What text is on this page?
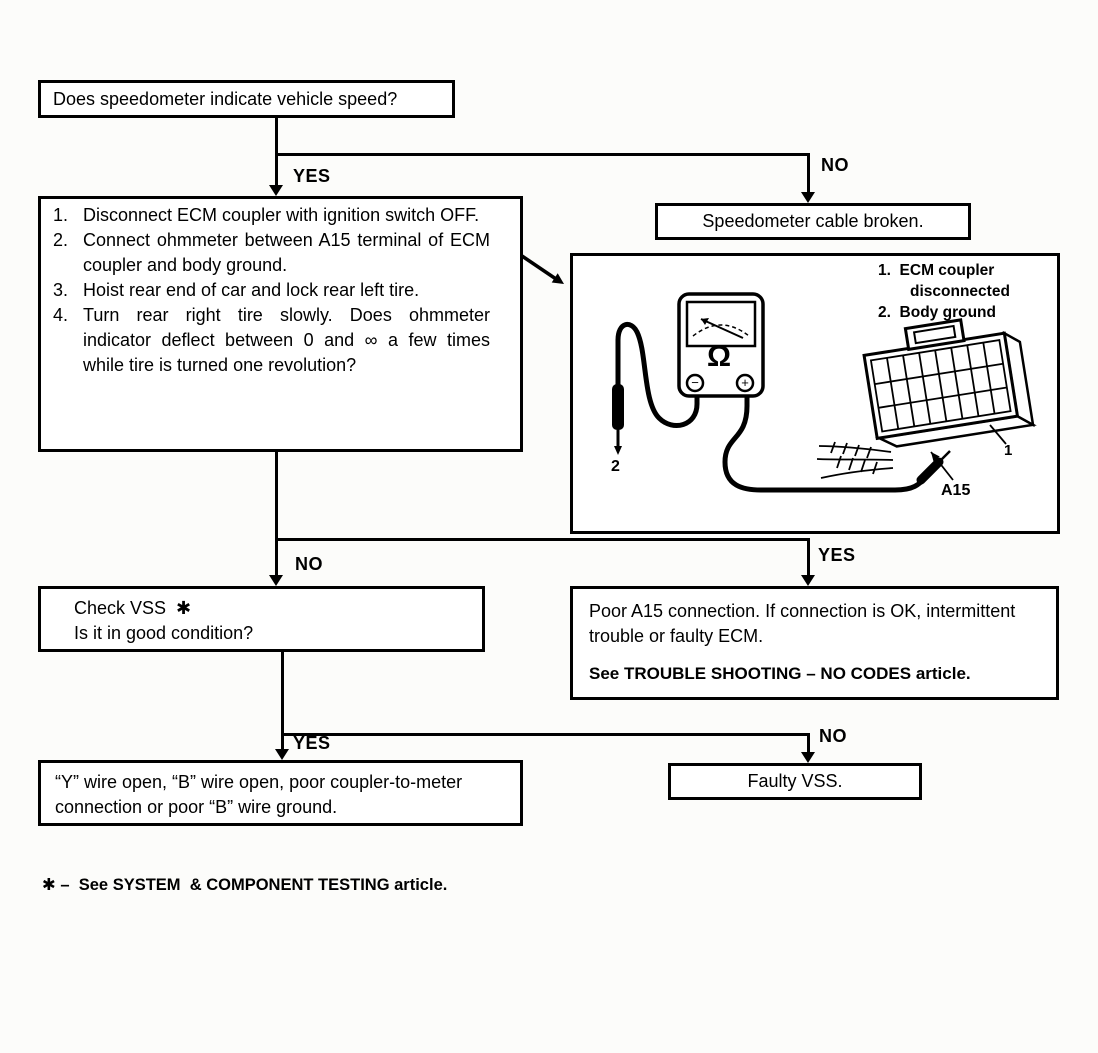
YES
NO
NO	YES
YES	NO
Does speedometer indicate vehicle speed?
1. Disconnect ECM coupler with ignition switch OFF.
2. Connect ohmmeter between A15 terminal of ECM coupler and body ground.
3. Hoist rear end of car and lock rear left tire.
4. Turn rear right tire slowly. Does ohmmeter indicator deflect between 0 and ∞ a few times while tire is turned one revolution?
Speedometer cable broken.
1.  ECM coupler
disconnected
2.  Body ground
Ω
−	+
2
A15
1
Check VSS  ✱
Is it in good condition?
Poor A15 connection. If connection is OK, intermittent trouble or faulty ECM.
See TROUBLE SHOOTING – NO CODES article.
“Y” wire open, “B” wire open, poor coupler-to-meter connection or poor “B” wire ground.
Faulty VSS.
✱ –  See SYSTEM  & COMPONENT TESTING article.
